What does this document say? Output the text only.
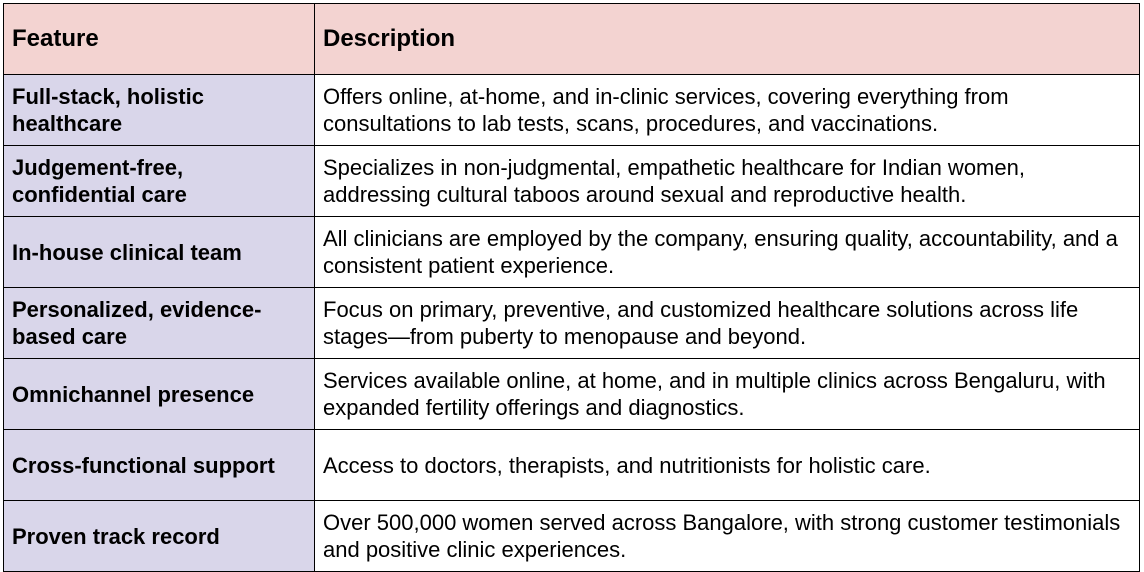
Feature	Description
Full-stack, holistic healthcare	Offers online, at-home, and in-clinic services, covering everything from consultations to lab tests, scans, procedures, and vaccinations.
Judgement-free, confidential care	Specializes in non-judgmental, empathetic healthcare for Indian women, addressing cultural taboos around sexual and reproductive health.
In-house clinical team	All clinicians are employed by the company, ensuring quality, accountability, and a consistent patient experience.
Personalized, evidence-based care	Focus on primary, preventive, and customized healthcare solutions across life stages—from puberty to menopause and beyond.
Omnichannel presence	Services available online, at home, and in multiple clinics across Bengaluru, with expanded fertility offerings and diagnostics.
Cross-functional support	Access to doctors, therapists, and nutritionists for holistic care.
Proven track record	Over 500,000 women served across Bangalore, with strong customer testimonials and positive clinic experiences.
